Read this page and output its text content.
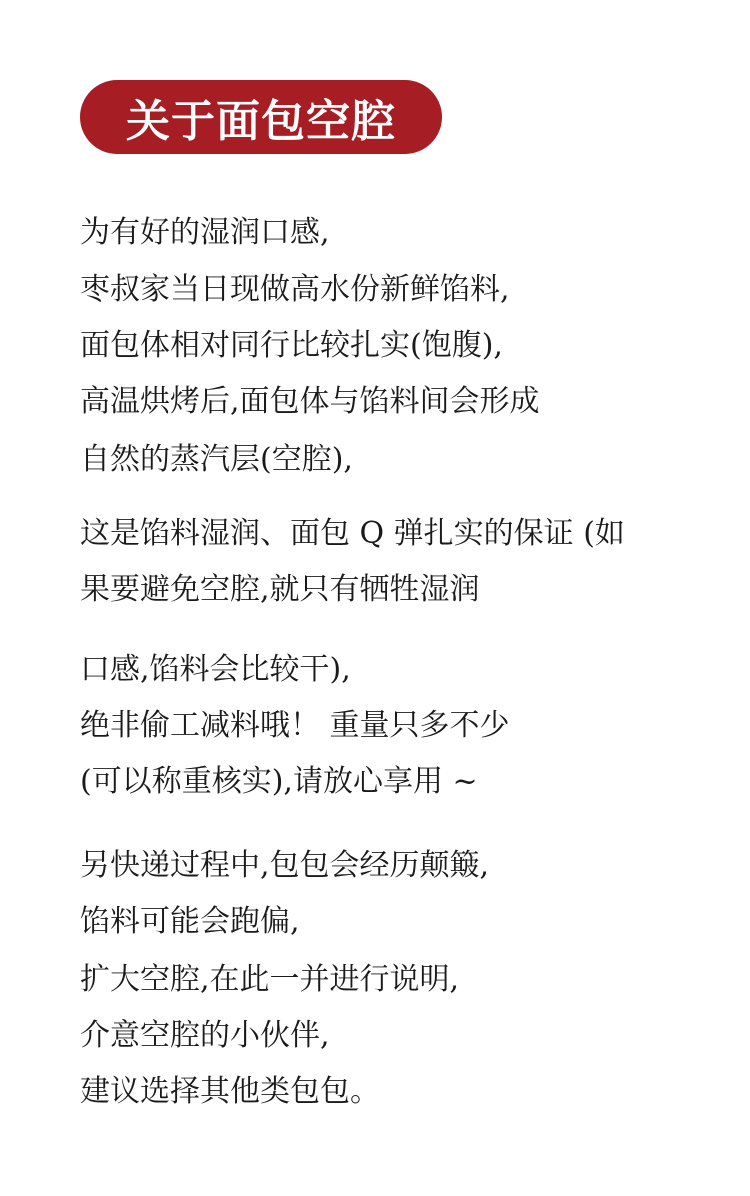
关于面包空腔
为有好的湿润口感,
枣叔家当日现做高水份新鲜馅料,
面包体相对同行比较扎实(饱腹),
高温烘烤后,面包体与馅料间会形成
自然的蒸汽层(空腔),
这是馅料湿润、面包 Q 弹扎实的保证 (如
果要避免空腔,就只有牺牲湿润
口感,馅料会比较干),
绝非偷工减料哦！ 重量只多不少
(可以称重核实),请放心享用 ~
另快递过程中,包包会经历颠簸,
馅料可能会跑偏,
扩大空腔,在此一并进行说明,
介意空腔的小伙伴,
建议选择其他类包包。
